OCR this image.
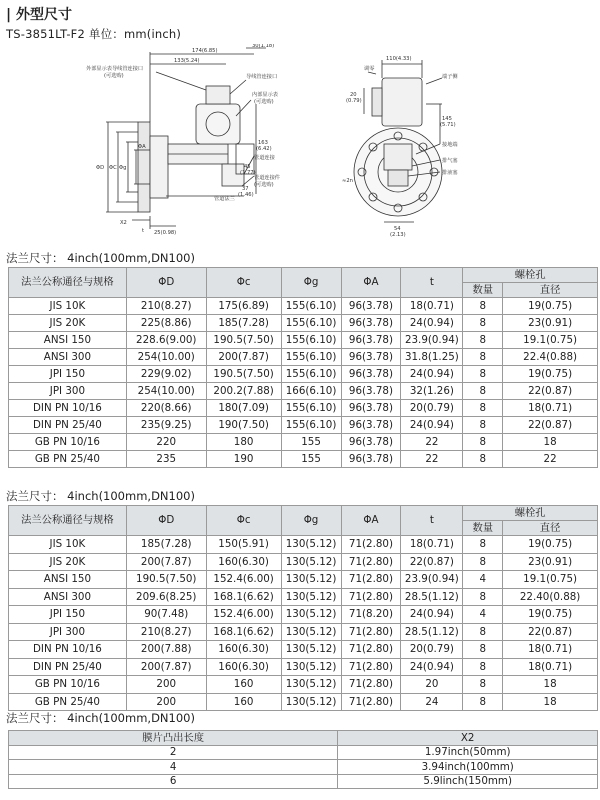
| 外型尺寸
TS-3851LT-F2 单位：mm(inch)
外部显示表导线管连接口
(可选购)	导线管连接口
内部显示表
(可选购)
管道连接
管道连接件
(可选购)
管道法兰
调零
端子侧
接地端
排气塞
排液塞
174(6.85)
133(5.24)
30(1.18)
163
(6.42)
45
(1.77)
37
(1.46)
25(0.98)
110(4.33)
20
(0.79)
145
(5.71)
54
(2.13)
ΦD ΦC Φg
ΦA
X2
t
≈2n
法兰尺寸： 4inch(100mm,DN100)
法兰公称通径与规格	ΦD	Φc	Φg	ΦA	t	螺栓孔	
						数量	直径
JIS 10K	210(8.27)	175(6.89)	155(6.10)	96(3.78)	18(0.71)	8	19(0.75)
JIS 20K	225(8.86)	185(7.28)	155(6.10)	96(3.78)	24(0.94)	8	23(0.91)
ANSI 150	228.6(9.00)	190.5(7.50)	155(6.10)	96(3.78)	23.9(0.94)	8	19.1(0.75)
ANSI 300	254(10.00)	200(7.87)	155(6.10)	96(3.78)	31.8(1.25)	8	22.4(0.88)
JPI 150	229(9.02)	190.5(7.50)	155(6.10)	96(3.78)	24(0.94)	8	19(0.75)
JPI 300	254(10.00)	200.2(7.88)	166(6.10)	96(3.78)	32(1.26)	8	22(0.87)
DIN PN 10/16	220(8.66)	180(7.09)	155(6.10)	96(3.78)	20(0.79)	8	18(0.71)
DIN PN 25/40	235(9.25)	190(7.50)	155(6.10)	96(3.78)	24(0.94)	8	22(0.87)
GB PN 10/16	220	180	155	96(3.78)	22	8	18
GB PN 25/40	235	190	155	96(3.78)	22	8	22
法兰尺寸： 4inch(100mm,DN100)
法兰公称通径与规格	ΦD	Φc	Φg	ΦA	t	螺栓孔	
						数量	直径
JIS 10K	185(7.28)	150(5.91)	130(5.12)	71(2.80)	18(0.71)	8	19(0.75)
JIS 20K	200(7.87)	160(6.30)	130(5.12)	71(2.80)	22(0.87)	8	23(0.91)
ANSI 150	190.5(7.50)	152.4(6.00)	130(5.12)	71(2.80)	23.9(0.94)	4	19.1(0.75)
ANSI 300	209.6(8.25)	168.1(6.62)	130(5.12)	71(2.80)	28.5(1.12)	8	22.40(0.88)
JPI 150	90(7.48)	152.4(6.00)	130(5.12)	71(8.20)	24(0.94)	4	19(0.75)
JPI 300	210(8.27)	168.1(6.62)	130(5.12)	71(2.80)	28.5(1.12)	8	22(0.87)
DIN PN 10/16	200(7.88)	160(6.30)	130(5.12)	71(2.80)	20(0.79)	8	18(0.71)
DIN PN 25/40	200(7.87)	160(6.30)	130(5.12)	71(2.80)	24(0.94)	8	18(0.71)
GB PN 10/16	200	160	130(5.12)	71(2.80)	20	8	18
GB PN 25/40	200	160	130(5.12)	71(2.80)	24	8	18
法兰尺寸： 4inch(100mm,DN100)
膜片凸出长度	X2
2	1.97inch(50mm)
4	3.94inch(100mm)
6	5.9linch(150mm)
